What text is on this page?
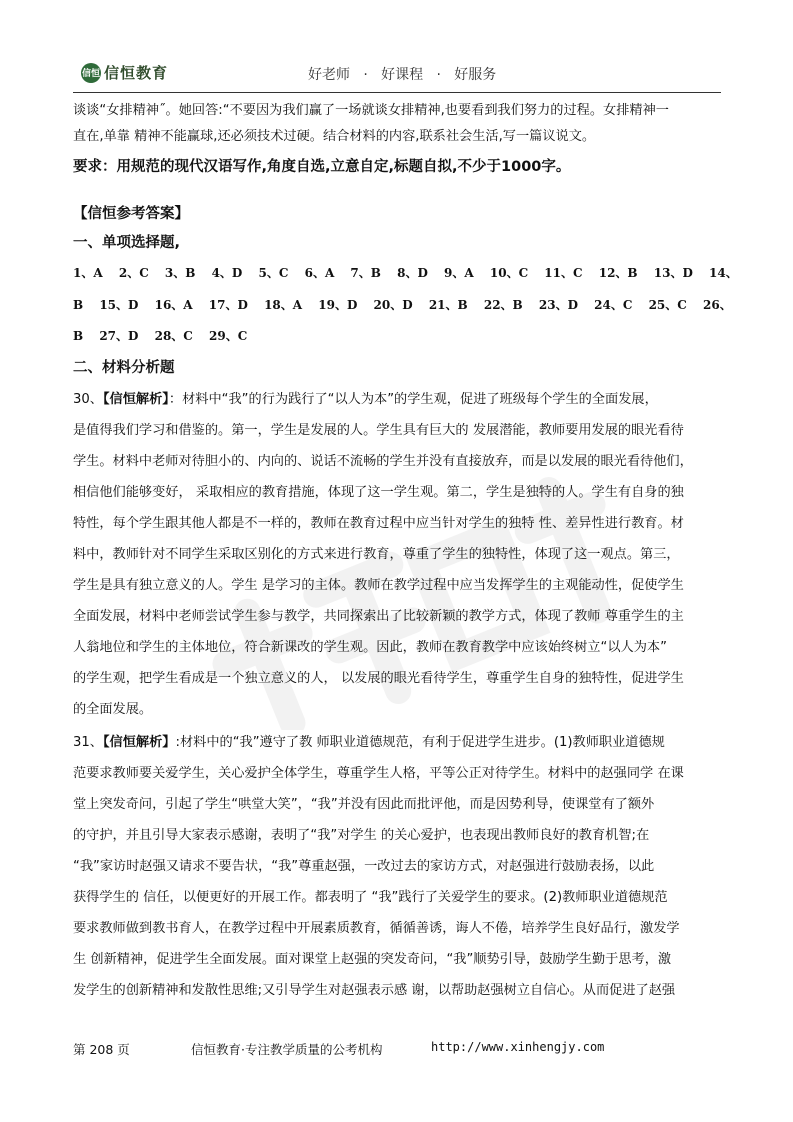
信恒 信恒教育	好老师   ·   好课程   ·   好服务

谈谈“女排精神˝。她回答:“不要因为我们赢了一场就谈女排精神,也要看到我们努力的过程。女排精神一

直在,单靠 精神不能赢球,还必须技术过硬。结合材料的内容,联系社会生活,写一篇议说文。

要求：用规范的现代汉语写作,角度自选,立意自定,标题自拟,不少于1000字。

【信恒参考答案】

一、单项选择题,

1、A　 2、C　 3、B　 4、D　 5、C　 6、A　 7、B　 8、D　 9、A　 10、C　 11、C　 12、B　 13、D　 14、

B　 15、D　 16、A　 17、D　 18、A　 19、D　 20、D　 21、B　 22、B　 23、D　 24、C　 25、C　 26、

B　 27、D　 28、C　 29、C

二、材料分析题

30、【信恒解析】：材料中“我”的行为践行了“以人为本”的学生观，促进了班级每个学生的全面发展，

是值得我们学习和借鉴的。第一，学生是发展的人。学生具有巨大的 发展潜能，教师要用发展的眼光看待

学生。材料中老师对待胆小的、内向的、说话不流畅的学生并没有直接放弃，而是以发展的眼光看待他们，

相信他们能够变好， 采取相应的教育措施，体现了这一学生观。第二，学生是独特的人。学生有自身的独

特性，每个学生跟其他人都是不一样的，教师在教育过程中应当针对学生的独特 性、差异性进行教育。材

料中，教师针对不同学生采取区别化的方式来进行教育，尊重了学生的独特性，体现了这一观点。第三，

学生是具有独立意义的人。学生 是学习的主体。教师在教学过程中应当发挥学生的主观能动性，促使学生

全面发展，材料中老师尝试学生参与教学，共同探索出了比较新颖的教学方式，体现了教师 尊重学生的主

人翁地位和学生的主体地位，符合新课改的学生观。因此，教师在教育教学中应该始终树立“以人为本”

的学生观，把学生看成是一个独立意义的人， 以发展的眼光看待学生，尊重学生自身的独特性，促进学生

的全面发展。

31、【信恒解析】:材料中的“我”遵守了教 师职业道德规范，有利于促进学生进步。(1)教师职业道德规

范要求教师要关爱学生，关心爱护全体学生，尊重学生人格，平等公正对待学生。材料中的赵强同学 在课

堂上突发奇问，引起了学生“哄堂大笑”，“我”并没有因此而批评他，而是因势利导，使课堂有了额外

的守护，并且引导大家表示感谢，表明了“我”对学生 的关心爱护，也表现出教师良好的教育机智;在

“我”家访时赵强又请求不要告状，“我”尊重赵强，一改过去的家访方式，对赵强进行鼓励表扬，以此

获得学生的 信任，以便更好的开展工作。都表明了 “我”践行了关爱学生的要求。(2)教师职业道德规范

要求教师做到教书育人，在教学过程中开展素质教育，循循善诱，诲人不倦，培养学生良好品行，激发学

生 创新精神，促进学生全面发展。面对课堂上赵强的突发奇问，“我”顺势引导，鼓励学生勤于思考，激

发学生的创新精神和发散性思维;又引导学生对赵强表示感 谢，以帮助赵强树立自信心。从而促进了赵强

第 208 页	信恒教育·专注教学质量的公考机构	http://www.xinhengjy.com
